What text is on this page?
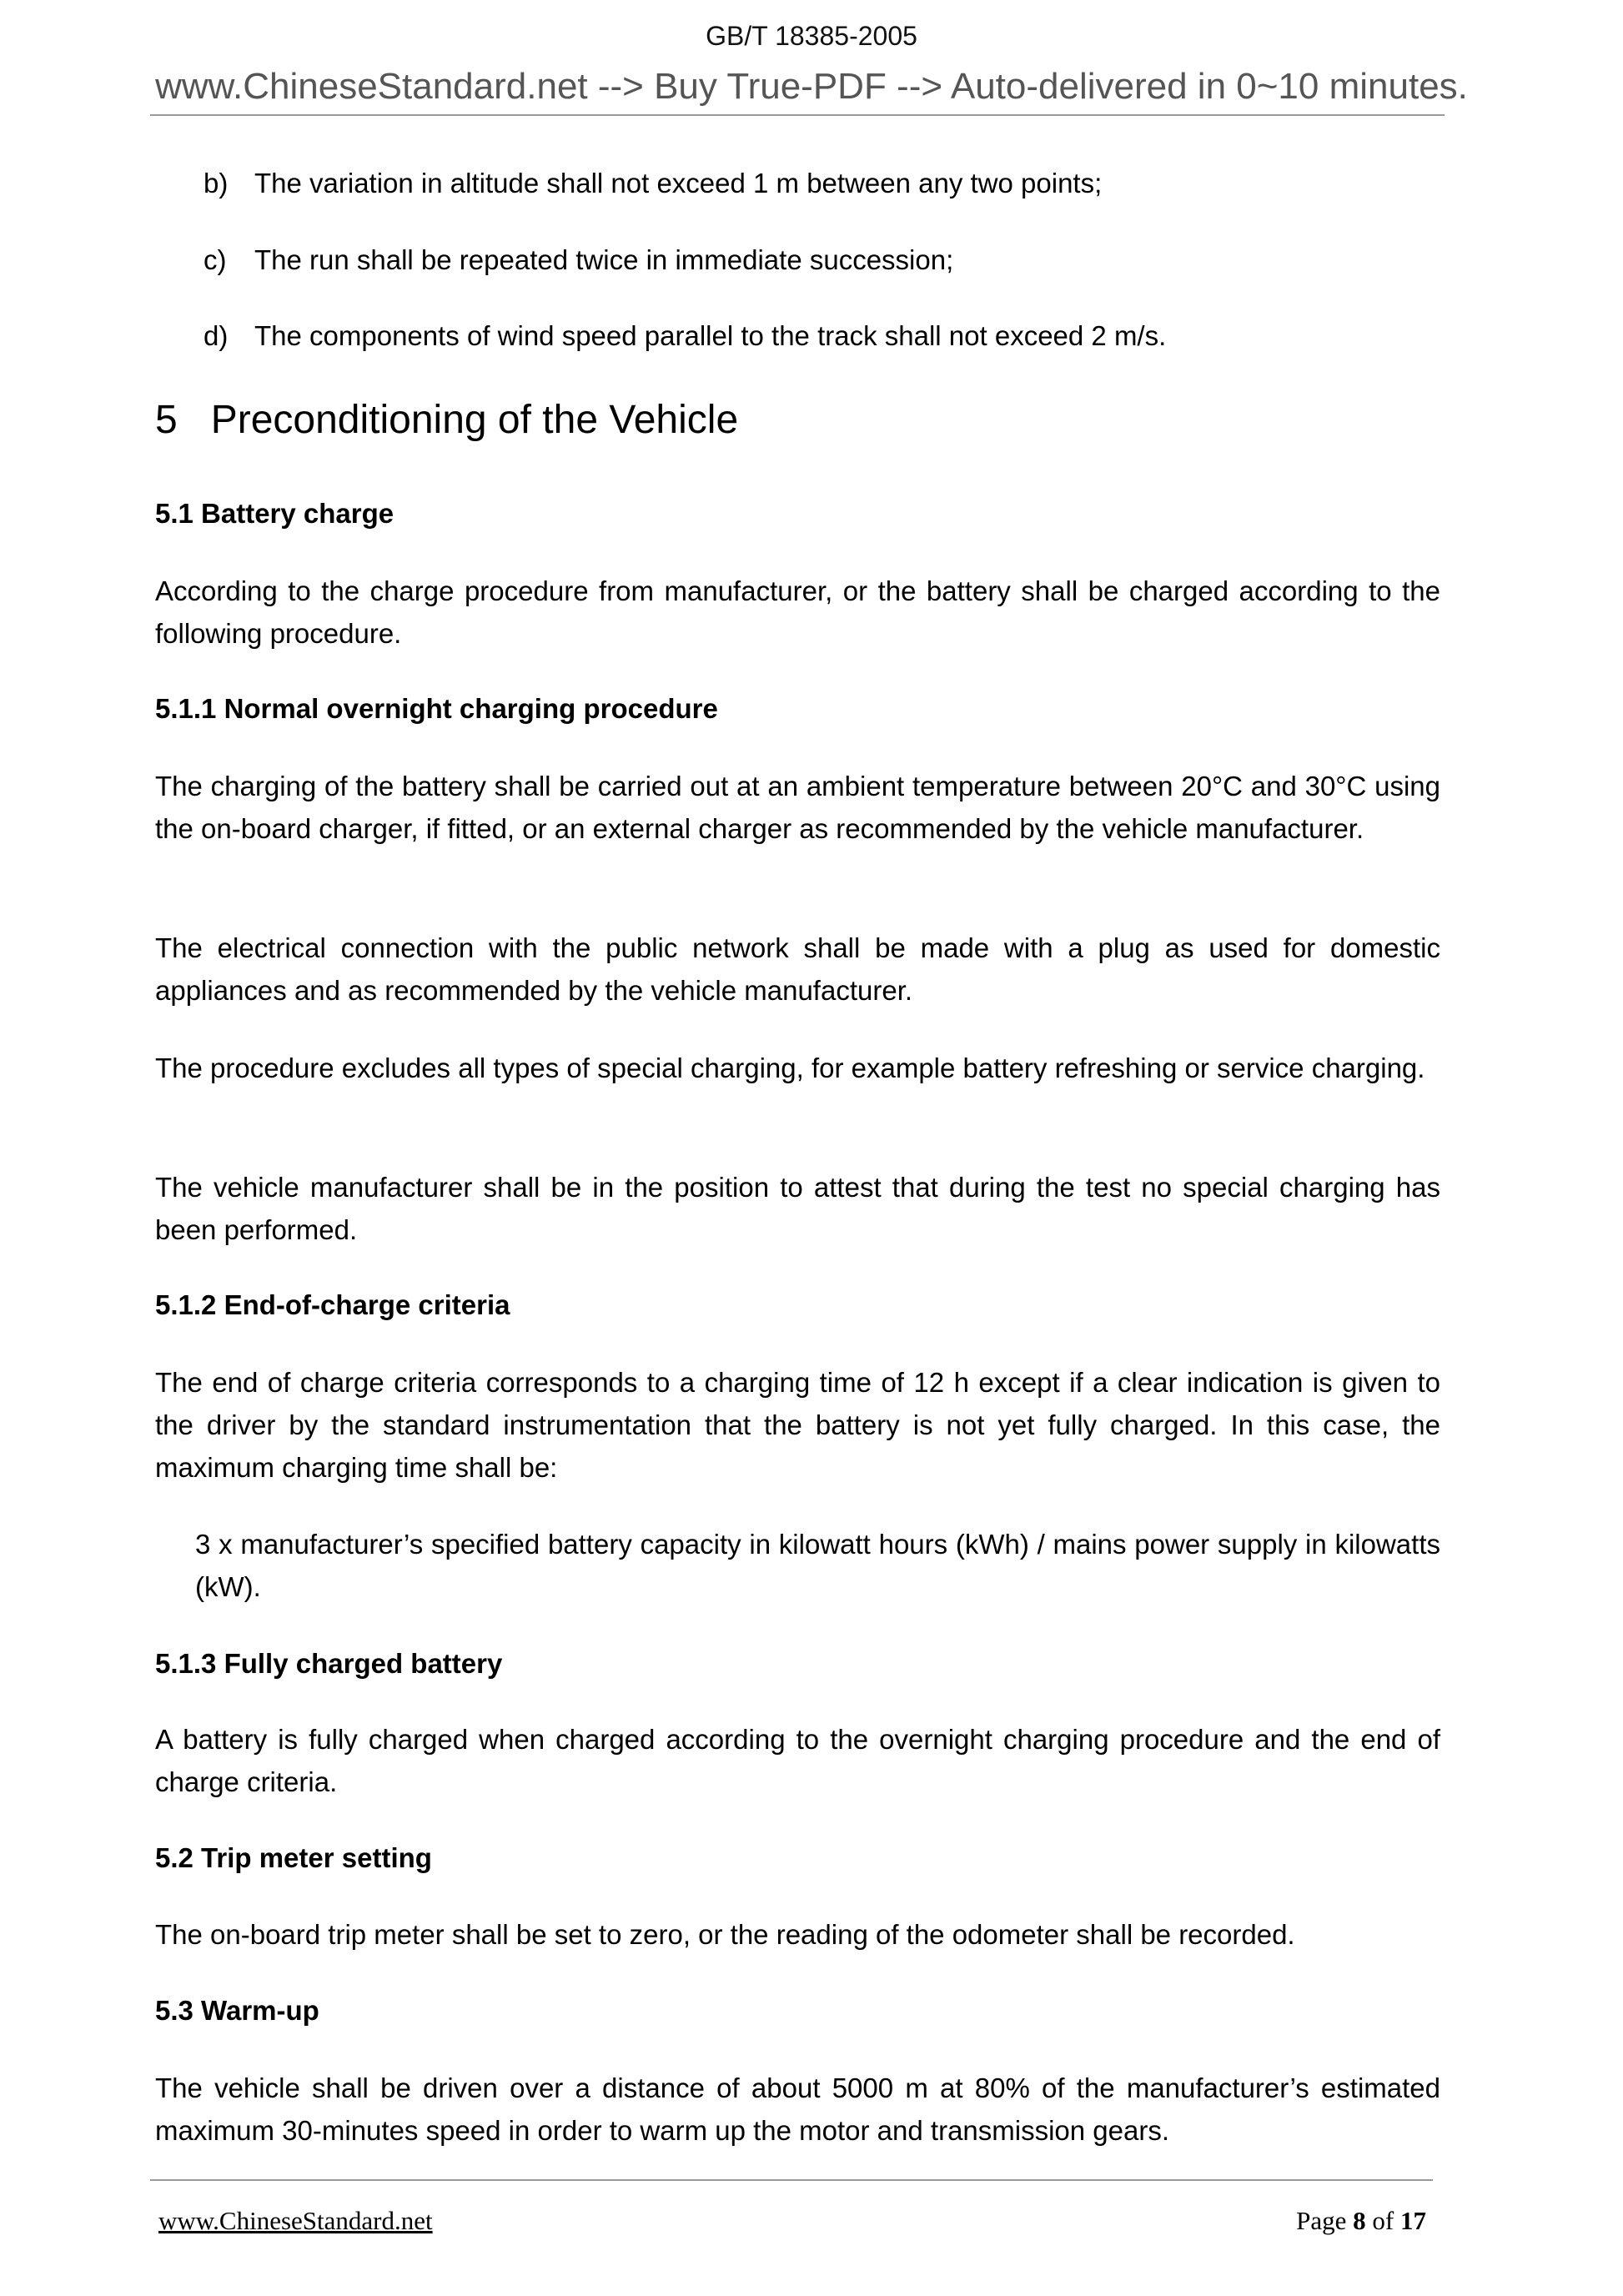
GB/T 18385-2005
www.ChineseStandard.net --> Buy True-PDF --> Auto-delivered in 0~10 minutes.
b) The variation in altitude shall not exceed 1 m between any two points;
c) The run shall be repeated twice in immediate succession;
d) The components of wind speed parallel to the track shall not exceed 2 m/s.
5 Preconditioning of the Vehicle
5.1 Battery charge
According to the charge procedure from manufacturer, or the battery shall be charged according to the following procedure.
5.1.1 Normal overnight charging procedure
The charging of the battery shall be carried out at an ambient temperature between 20°C and 30°C using the on-board charger, if fitted, or an external charger as recommended by the vehicle manufacturer.
The electrical connection with the public network shall be made with a plug as used for domestic appliances and as recommended by the vehicle manufacturer.
The procedure excludes all types of special charging, for example battery refreshing or service charging.
The vehicle manufacturer shall be in the position to attest that during the test no special charging has been performed.
5.1.2 End-of-charge criteria
The end of charge criteria corresponds to a charging time of 12 h except if a clear indication is given to the driver by the standard instrumentation that the battery is not yet fully charged. In this case, the maximum charging time shall be:
3 x manufacturer’s specified battery capacity in kilowatt hours (kWh) / mains power supply in kilowatts (kW).
5.1.3 Fully charged battery
A battery is fully charged when charged according to the overnight charging procedure and the end of charge criteria.
5.2 Trip meter setting
The on-board trip meter shall be set to zero, or the reading of the odometer shall be recorded.
5.3 Warm-up
The vehicle shall be driven over a distance of about 5000 m at 80% of the manufacturer’s estimated maximum 30-minutes speed in order to warm up the motor and transmission gears.
www.ChineseStandard.net	Page 8 of 17
